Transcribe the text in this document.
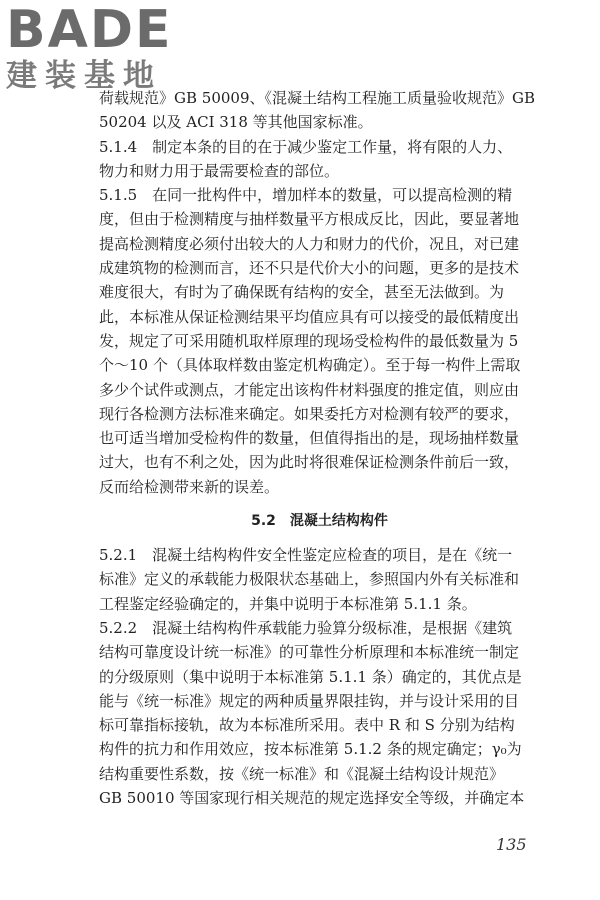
BADE
建装基地
荷载规范》GB 50009、《混凝土结构工程施工质量验收规范》GB
50204 以及 ACI 318 等其他国家标准。
5.1.4　制定本条的目的在于减少鉴定工作量，将有限的人力、
物力和财力用于最需要检查的部位。
5.1.5　在同一批构件中，增加样本的数量，可以提高检测的精
度，但由于检测精度与抽样数量平方根成反比，因此，要显著地
提高检测精度必须付出较大的人力和财力的代价，况且，对已建
成建筑物的检测而言，还不只是代价大小的问题，更多的是技术
难度很大，有时为了确保既有结构的安全，甚至无法做到。为
此，本标准从保证检测结果平均值应具有可以接受的最低精度出
发，规定了可采用随机取样原理的现场受检构件的最低数量为 5
个～10 个（具体取样数由鉴定机构确定）。至于每一构件上需取
多少个试件或测点，才能定出该构件材料强度的推定值，则应由
现行各检测方法标准来确定。如果委托方对检测有较严的要求，
也可适当增加受检构件的数量，但值得指出的是，现场抽样数量
过大，也有不利之处，因为此时将很难保证检测条件前后一致，
反而给检测带来新的误差。
5.2　混凝土结构构件
5.2.1　混凝土结构构件安全性鉴定应检查的项目，是在《统一
标准》定义的承载能力极限状态基础上，参照国内外有关标准和
工程鉴定经验确定的，并集中说明于本标准第 5.1.1 条。
5.2.2　混凝土结构构件承载能力验算分级标准，是根据《建筑
结构可靠度设计统一标准》的可靠性分析原理和本标准统一制定
的分级原则（集中说明于本标准第 5.1.1 条）确定的，其优点是
能与《统一标准》规定的两种质量界限挂钩，并与设计采用的目
标可靠指标接轨，故为本标准所采用。表中 R 和 S 分别为结构
构件的抗力和作用效应，按本标准第 5.1.2 条的规定确定；γ₀为
结构重要性系数，按《统一标准》和《混凝土结构设计规范》
GB 50010 等国家现行相关规范的规定选择安全等级，并确定本
135
